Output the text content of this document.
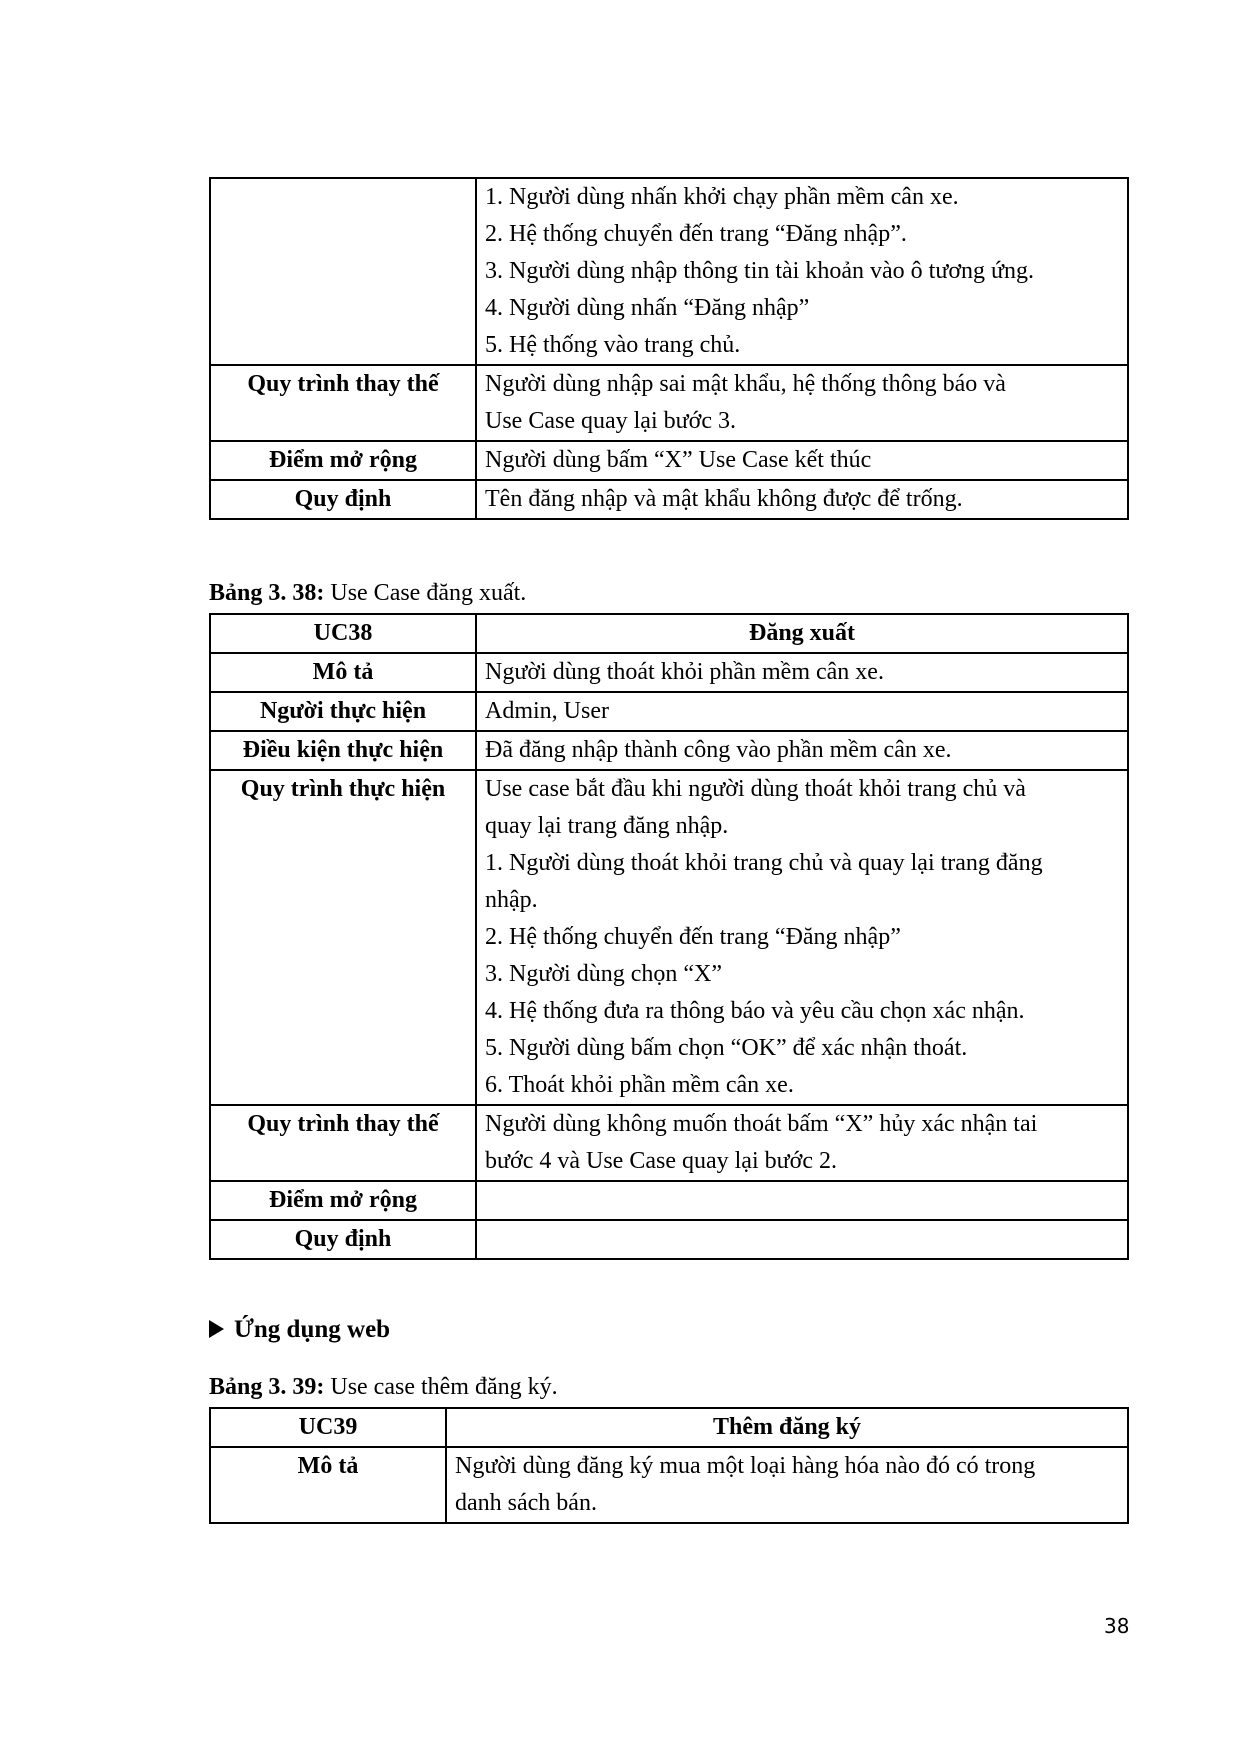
	1. Người dùng nhấn khởi chạy phần mềm cân xe.
2. Hệ thống chuyển đến trang “Đăng nhập”.
3. Người dùng nhập thông tin tài khoản vào ô tương ứng.
4. Người dùng nhấn “Đăng nhập”
5. Hệ thống vào trang chủ.

Quy trình thay thế	Người dùng nhập sai mật khẩu, hệ thống thông báo và
Use Case quay lại bước 3.

Điểm mở rộng	Người dùng bấm “X” Use Case kết thúc

Quy định	Tên đăng nhập và mật khẩu không được để trống.
Bảng 3. 38: Use Case đăng xuất.
UC38	Đăng xuất
Mô tả	Người dùng thoát khỏi phần mềm cân xe.

Người thực hiện	Admin, User

Điều kiện thực hiện	Đã đăng nhập thành công vào phần mềm cân xe.

Quy trình thực hiện	Use case bắt đầu khi người dùng thoát khỏi trang chủ và
quay lại trang đăng nhập.
1. Người dùng thoát khỏi trang chủ và quay lại trang đăng
nhập.
2. Hệ thống chuyển đến trang “Đăng nhập”
3. Người dùng chọn “X”
4. Hệ thống đưa ra thông báo và yêu cầu chọn xác nhận.
5. Người dùng bấm chọn “OK” để xác nhận thoát.
6. Thoát khỏi phần mềm cân xe.

Quy trình thay thế	Người dùng không muốn thoát bấm “X” hủy xác nhận tai
bước 4 và Use Case quay lại bước 2.

Điểm mở rộng	

Quy định	

Ứng dụng web
Bảng 3. 39: Use case thêm đăng ký.
UC39	Thêm đăng ký
Mô tả	Người dùng đăng ký mua một loại hàng hóa nào đó có trong
danh sách bán.
38
